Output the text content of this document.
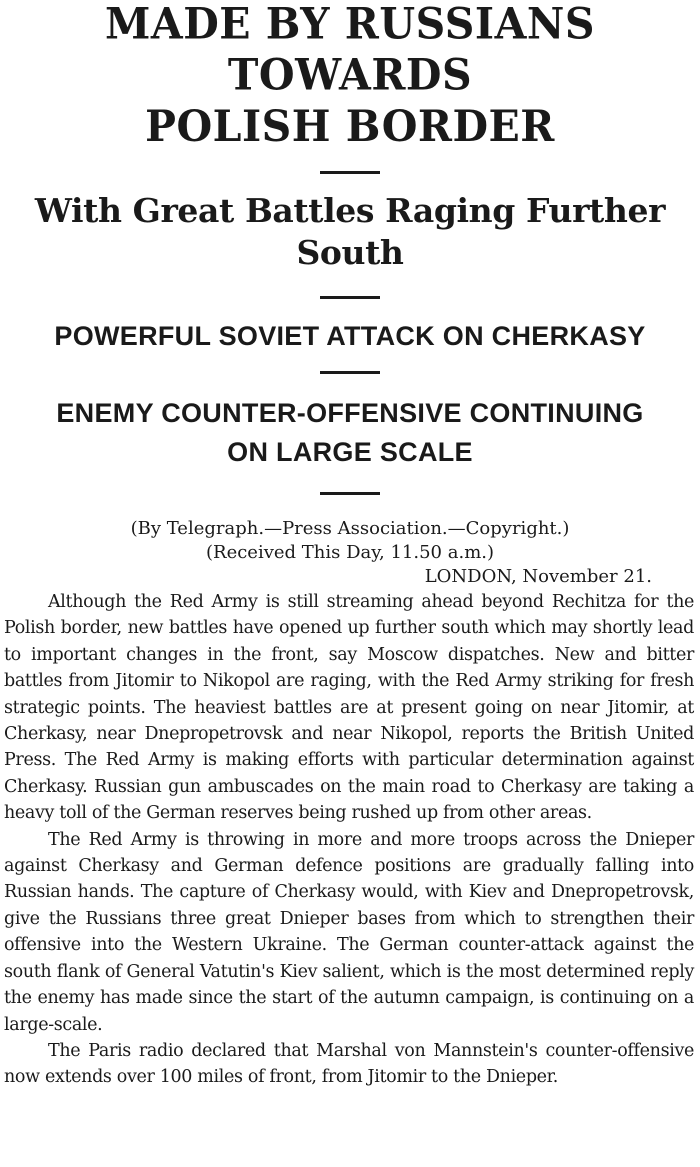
MADE BY RUSSIANS TOWARDS
POLISH BORDER
With Great Battles Raging Further South
POWERFUL SOVIET ATTACK ON CHERKASY
ENEMY COUNTER-OFFENSIVE CONTINUING
ON LARGE SCALE
(By Telegraph.—Press Association.—Copyright.)
(Received This Day, 11.50 a.m.)
LONDON, November 21.

Although the Red Army is still streaming ahead beyond Rechitza for the Polish border, new battles have opened up further south which may shortly lead to important changes in the front, say Moscow dispatches. New and bitter battles from Jitomir to Nikopol are raging, with the Red Army striking for fresh strategic points. The heaviest battles are at present going on near Jitomir, at Cherkasy, near Dnepropetrovsk and near Nikopol, reports the British United Press. The Red Army is making efforts with particular determination against Cherkasy. Russian gun ambuscades on the main road to Cherkasy are taking a heavy toll of the German reserves being rushed up from other areas.

The Red Army is throwing in more and more troops across the Dnieper against Cherkasy and German defence positions are gradually falling into Russian hands. The capture of Cherkasy would, with Kiev and Dnepropetrovsk, give the Russians three great Dnieper bases from which to strengthen their offensive into the Western Ukraine. The German counter-attack against the south flank of General Vatutin's Kiev salient, which is the most determined reply the enemy has made since the start of the autumn campaign, is continuing on a large-scale.

The Paris radio declared that Marshal von Mannstein's counter-offensive now extends over 100 miles of front, from Jitomir to the Dnieper.
